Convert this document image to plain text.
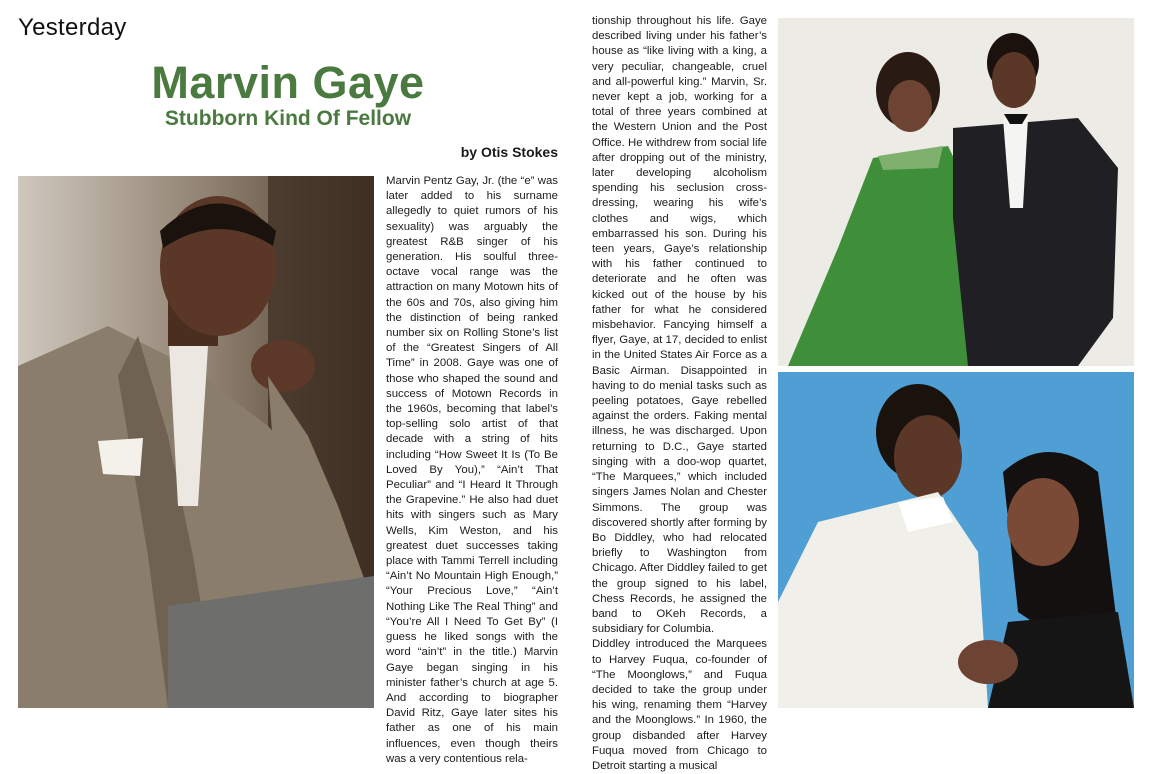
Yesterday
Marvin Gaye
Stubborn Kind Of Fellow
by Otis Stokes

Marvin Pentz Gay, Jr. (the “e” was later added to his surname allegedly to quiet rumors of his sexuality) was arguably the greatest R&B singer of his generation. His soulful three-octave vocal range was the attraction on many Motown hits of the 60s and 70s, also giving him the distinction of being ranked number six on Rolling Stone’s list of the “Greatest Singers of All Time” in 2008. Gaye was one of those who shaped the sound and success of Motown Records in the 1960s, becoming that label’s top-selling solo artist of that decade with a string of hits including “How Sweet It Is (To Be Loved By You),” “Ain’t That Peculiar” and “I Heard It Through the Grapevine.” He also had duet hits with singers such as Mary Wells, Kim Weston, and his greatest duet successes taking place with Tammi Terrell including “Ain’t No Mountain High Enough,” “Your Precious Love,” “Ain’t Nothing Like The Real Thing” and “You’re All I Need To Get By” (I guess he liked songs with the word “ain’t” in the title.) Marvin Gaye began singing in his minister father’s church at age 5. And according to biographer David Ritz, Gaye later sites his father as one of his main influences, even though theirs was a very contentious rela-

tionship throughout his life. Gaye described living under his father’s house as “like living with a king, a very peculiar, changeable, cruel and all-powerful king.” Marvin, Sr. never kept a job, working for a total of three years combined at the Western Union and the Post Office. He withdrew from social life after dropping out of the ministry, later developing alcoholism spending his seclusion cross-dressing, wearing his wife’s clothes and wigs, which embarrassed his son. During his teen years, Gaye’s relationship with his father continued to deteriorate and he often was kicked out of the house by his father for what he considered misbehavior. Fancying himself a flyer, Gaye, at 17, decided to enlist in the United States Air Force as a Basic Airman. Disappointed in having to do menial tasks such as peeling potatoes, Gaye rebelled against the orders. Faking mental illness, he was discharged. Upon returning to D.C., Gaye started singing with a doo-wop quartet, “The Marquees,” which included singers James Nolan and Chester Simmons. The group was discovered shortly after forming by Bo Diddley, who had relocated briefly to Washington from Chicago. After Diddley failed to get the group signed to his label, Chess Records, he assigned the band to OKeh Records, a subsidiary for Columbia.

Diddley introduced the Marquees to Harvey Fuqua, co-founder of “The Moonglows,” and Fuqua decided to take the group under his wing, renaming them “Harvey and the Moonglows.” In 1960, the group disbanded after Harvey Fuqua moved from Chicago to Detroit starting a musical
